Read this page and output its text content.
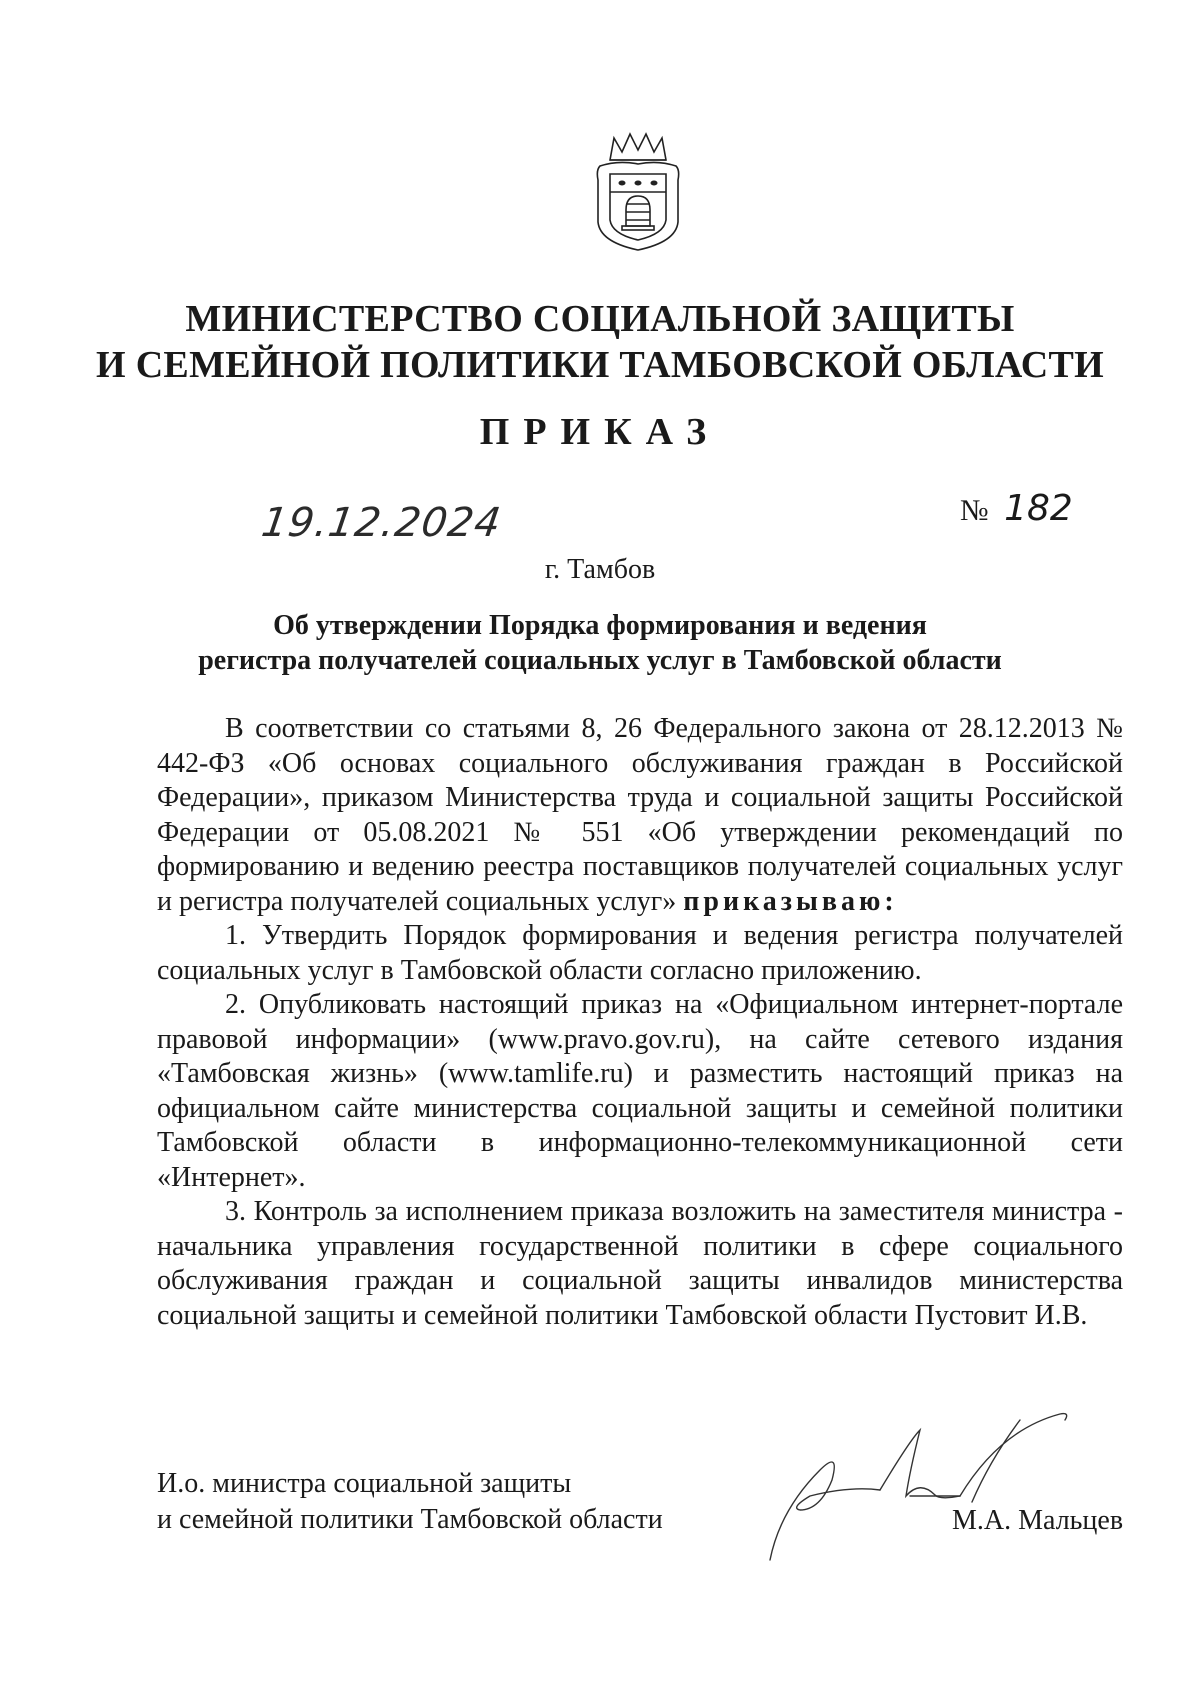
МИНИСТЕРСТВО СОЦИАЛЬНОЙ ЗАЩИТЫ
И СЕМЕЙНОЙ ПОЛИТИКИ ТАМБОВСКОЙ ОБЛАСТИ
ПРИКАЗ
19.12.2024	№ 182
г. Тамбов
Об утверждении Порядка формирования и ведения
регистра получателей социальных услуг в Тамбовской области

В соответствии со статьями 8, 26 Федерального закона от 28.12.2013 № 442-ФЗ «Об основах социального обслуживания граждан в Российской Федерации», приказом Министерства труда и социальной защиты Российской Федерации от 05.08.2021 № 551 «Об утверждении рекомендаций по формированию и ведению реестра поставщиков получателей социальных услуг и регистра получателей социальных услуг» приказываю:

1. Утвердить Порядок формирования и ведения регистра получателей социальных услуг в Тамбовской области согласно приложению.

2. Опубликовать настоящий приказ на «Официальном интернет-портале правовой информации» (www.pravo.gov.ru), на сайте сетевого издания «Тамбовская жизнь» (www.tamlife.ru) и разместить настоящий приказ на официальном сайте министерства социальной защиты и семейной политики Тамбовской области в информационно-телекоммуникационной сети «Интернет».

3. Контроль за исполнением приказа возложить на заместителя министра - начальника управления государственной политики в сфере социального обслуживания граждан и социальной защиты инвалидов министерства социальной защиты и семейной политики Тамбовской области Пустовит И.В.

И.о. министра социальной защиты
и семейной политики Тамбовской области	М.А. Мальцев
